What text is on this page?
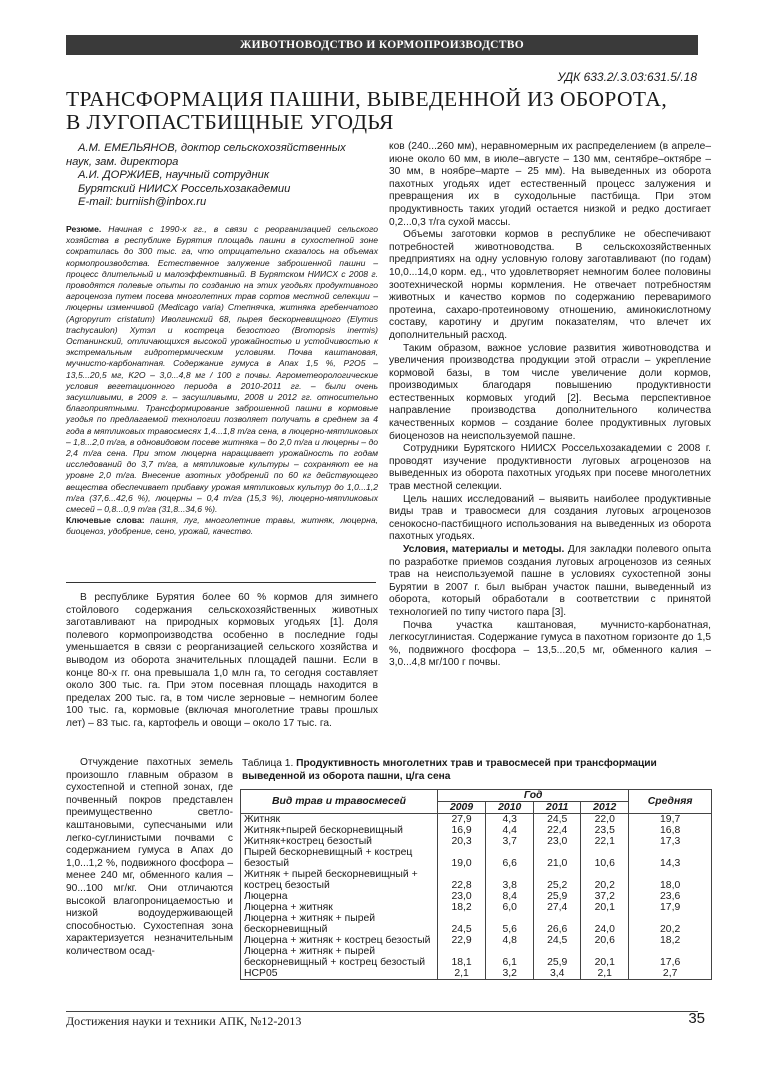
ЖИВОТНОВОДСТВО И КОРМОПРОИЗВОДСТВО
УДК 633.2/.3.03:631.5/.18
ТРАНСФОРМАЦИЯ ПАШНИ, ВЫВЕДЕННОЙ ИЗ ОБОРОТА,
В ЛУГОПАСТБИЩНЫЕ УГОДЬЯ
А.М. ЕМЕЛЬЯНОВ, доктор сельскохозяйственных
наук, зам. директора
А.И. ДОРЖИЕВ, научный сотрудник
Бурятский НИИСХ Россельхозакадемии
E-mail: burniish@inbox.ru

Резюме. Начиная с 1990-х гг., в связи с реорганизацией сельского хозяйства в республике Бурятия площадь пашни в сухостепной зоне сократилась до 300 тыс. га, что отрицательно сказалось на объемах кормопроизводства. Естественное залужение заброшенной пашни – процесс длительный и малоэффективный. В Бурятском НИИСХ с 2008 г. проводятся полевые опыты по созданию на этих угодьях продуктивного агроценоза путем посева многолетних трав сортов местной селекции – люцерны изменчивой (Medicago varia) Степнячка, житняка гребенчатого (Agropyrum cristatum) Иволгинский 68, пырея бескорневищного (Elymus trachycaulon) Хутэл и кострeца безостого (Bromopsis inermis) Останинский, отличающихся высокой урожайностью и устойчивостью к экстремальным гидротермическим условиям. Почва каштановая, мучнисто-карбонатная. Содержание гумуса в Aпах 1,5 %, P2O5 – 13,5...20,5 мг, K2O – 3,0...4,8 мг / 100 г почвы. Агрометеорологические условия вегетационного периода в 2010-2011 гг. – были очень засушливыми, в 2009 г. – засушливыми, 2008 и 2012 гг. относительно благоприятными. Трансформирование заброшенной пашни в кормовые угодья по предлагаемой технологии позволяет получать в среднем за 4 года в мятликовых травосмесях 1,4...1,8 т/га сена, в люцерно-мятликовых – 1,8...2,0 т/га, в одновидовом посеве житняка – до 2,0 т/га и люцерны – до 2,4 т/га сена. При этом люцерна наращивает урожайность по годам исследований до 3,7 т/га, а мятликовые культуры – сохраняют ее на уровне 2,0 т/га. Внесение азотных удобрений по 60 кг действующего вещества обеспечивает прибавку урожая мятликовых культур до 1,0...1,2 т/га (37,6...42,6 %), люцерны – 0,4 т/га (15,3 %), люцерно-мятликовых смесей – 0,8...0,9 т/га (31,8...34,6 %).

Ключевые слова: пашня, луг, многолетние травы, житняк, люцерна, биоценоз, удобрение, сено, урожай, качество.

В республике Бурятия более 60 % кормов для зимнего стойлового содержания сельскохозяйственных животных заготавливают на природных кормовых угодьях [1]. Доля полевого кормопроизводства особенно в последние годы уменьшается в связи с реорганизацией сельского хозяйства и выводом из оборота значительных площадей пашни. Если в конце 80-х гг. она превышала 1,0 млн га, то сегодня составляет около 300 тыс. га. При этом посевная площадь находится в пределах 200 тыс. га, в том числе зерновые – немногим более 100 тыс. га, кормовые (включая многолетние травы прошлых лет) – 83 тыс. га, картофель и овощи – около 17 тыс. га.

Отчуждение пахотных земель произошло главным образом в сухостепной и степной зонах, где почвенный покров представлен преимущественно светло-каштановыми, супесчаными или легко-суглинистыми почвами с содержанием гумуса в Апах до 1,0...1,2 %, подвижного фосфора – менее 240 мг, обменного калия – 90...100 мг/кг. Они отличаются высокой влагопроницаемостью и низкой водоудерживающей способностью. Сухостепная зона характеризуется незначительным количеством осад-

ков (240...260 мм), неравномерным их распределением (в апреле–июне около 60 мм, в июле–августе – 130 мм, сентябре–октябре – 30 мм, в ноябре–марте – 25 мм). На выведенных из оборота пахотных угодьях идет естественный процесс залужения и превращения их в суходольные пастбища. При этом продуктивность таких угодий остается низкой и редко достигает 0,2...0,3 т/га сухой массы.

Объемы заготовки кормов в республике не обеспечивают потребностей животноводства. В сельскохозяйственных предприятиях на одну условную голову заготавливают (по годам) 10,0...14,0 корм. ед., что удовлетворяет немногим более половины зоотехнической нормы кормления. Не отвечает потребностям животных и качество кормов по содержанию переваримого протеина, сахаро-протеиновому отношению, аминокислотному составу, каротину и другим показателям, что влечет их дополнительный расход.

Таким образом, важное условие развития животноводства и увеличения производства продукции этой отрасли – укрепление кормовой базы, в том числе увеличение доли кормов, производимых благодаря повышению продуктивности естественных кормовых угодий [2]. Весьма перспективное направление производства дополнительного количества качественных кормов – создание более продуктивных луговых биоценозов на неиспользуемой пашне.

Сотрудники Бурятского НИИСХ Россельхозакадемии с 2008 г. проводят изучение продуктивности луговых агроценозов на выведенных из оборота пахотных угодьях при посеве многолетних трав местной селекции.

Цель наших исследований – выявить наиболее продуктивные виды трав и травосмеси для создания луговых агроценозов сенокосно-пастбищного использования на выведенных из оборота пахотных угодьях.

Условия, материалы и методы. Для закладки полевого опыта по разработке приемов создания луговых агроценозов из сеяных трав на неиспользуемой пашне в условиях сухостепной зоны Бурятии в 2007 г. был выбран участок пашни, выведенный из оборота, который обработали в соответствии с принятой технологией по типу чистого пара [3].

Почва участка каштановая, мучнисто-карбонатная, легкосуглинистая. Содержание гумуса в пахотном горизонте до 1,5 %, подвижного фосфора – 13,5...20,5 мг, обменного калия – 3,0...4,8 мг/100 г почвы.

Таблица 1. Продуктивность многолетних трав и травосмесей при трансформации выведенной из оборота пашни, ц/га сена
Вид трав и травосмесей	Год				Средняя
	2009	2010	2011	2012	
Житняк	27,9	4,3	24,5	22,0	19,7
Житняк+пырей бескорневищный	16,9	4,4	22,4	23,5	16,8
Житняк+кострец безостый	20,3	3,7	23,0	22,1	17,3
Пырей бескорневищный + кострец безостый	19,0	6,6	21,0	10,6	14,3
Житняк + пырей бескорневищный + кострец безостый	22,8	3,8	25,2	20,2	18,0
Люцерна	23,0	8,4	25,9	37,2	23,6
Люцерна + житняк	18,2	6,0	27,4	20,1	17,9
Люцерна + житняк + пырей бескорневищный	24,5	5,6	26,6	24,0	20,2
Люцерна + житняк + кострец безостый	22,9	4,8	24,5	20,6	18,2
Люцерна + житняк + пырей бескорневищный + кострец безостый	18,1	6,1	25,9	20,1	17,6
НСР05	2,1	3,2	3,4	2,1	2,7
Достижения науки и техники АПК, №12-2013	35
